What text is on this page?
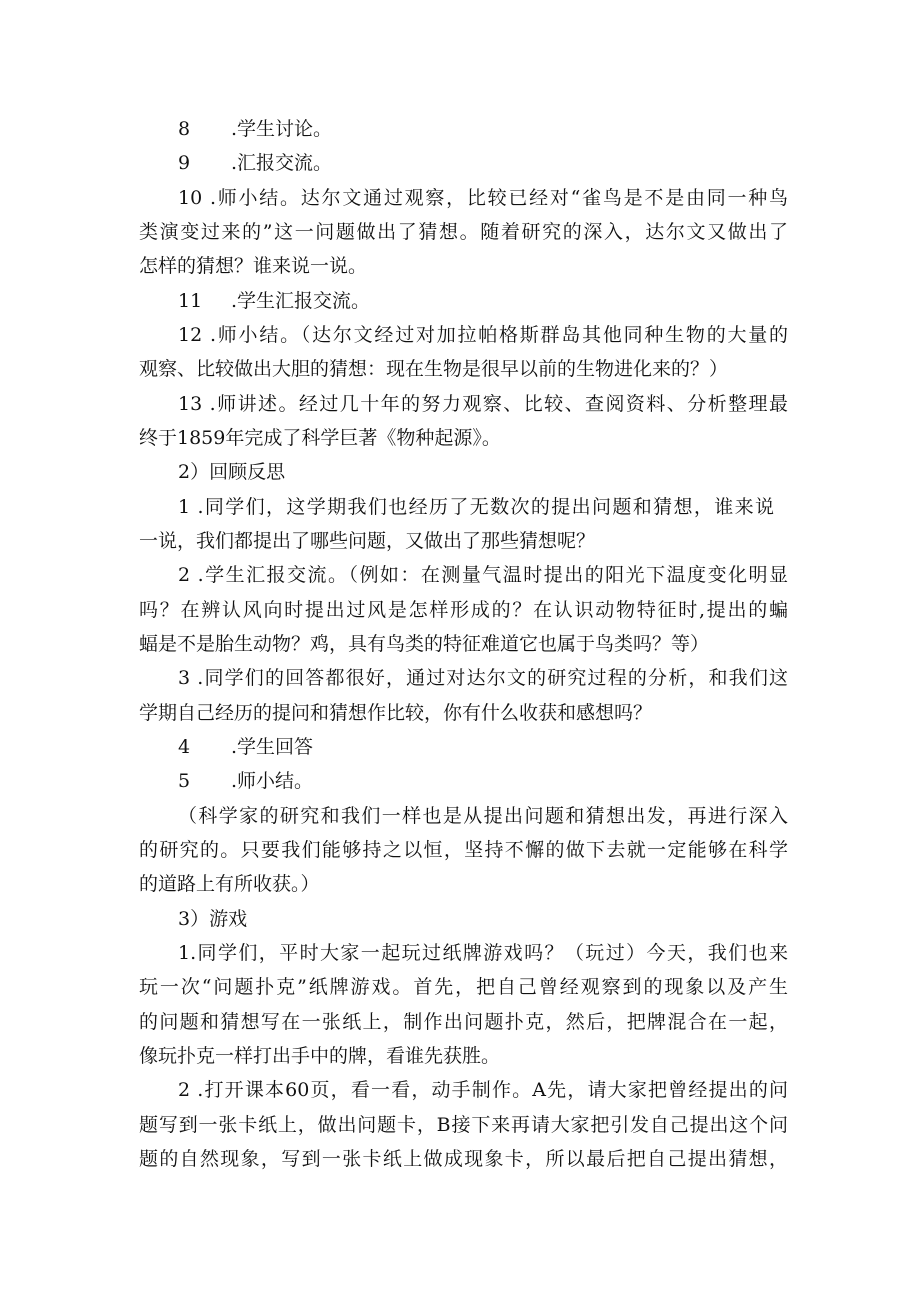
8 .学生讨论。
9 .汇报交流。
10 .师小结。达尔文通过观察，比较已经对“雀鸟是不是由同一种鸟
类演变过来的”这一问题做出了猜想。随着研究的深入，达尔文又做出了
怎样的猜想？谁来说一说。
11 .学生汇报交流。
12 .师小结。（达尔文经过对加拉帕格斯群岛其他同种生物的大量的
观察、比较做出大胆的猜想：现在生物是很早以前的生物进化来的？）
13 .师讲述。经过几十年的努力观察、比较、查阅资料、分析整理最
终于1859年完成了科学巨著《物种起源》。
2）回顾反思
1 .同学们，这学期我们也经历了无数次的提出问题和猜想，谁来说
一说，我们都提出了哪些问题，又做出了那些猜想呢？
2 .学生汇报交流。（例如：在测量气温时提出的阳光下温度变化明显
吗？在辨认风向时提出过风是怎样形成的？在认识动物特征时,提出的蝙
蝠是不是胎生动物？鸡，具有鸟类的特征难道它也属于鸟类吗？等）
3 .同学们的回答都很好，通过对达尔文的研究过程的分析，和我们这
学期自己经历的提问和猜想作比较，你有什么收获和感想吗？
4 .学生回答
5 .师小结。
（科学家的研究和我们一样也是从提出问题和猜想出发，再进行深入
的研究的。只要我们能够持之以恒，坚持不懈的做下去就一定能够在科学
的道路上有所收获。）
3）游戏
1.同学们，平时大家一起玩过纸牌游戏吗？（玩过）今天，我们也来
玩一次“问题扑克”纸牌游戏。首先，把自己曾经观察到的现象以及产生
的问题和猜想写在一张纸上，制作出问题扑克，然后，把牌混合在一起，
像玩扑克一样打出手中的牌，看谁先获胜。
2 .打开课本60页，看一看，动手制作。A先，请大家把曾经提出的问
题写到一张卡纸上，做出问题卡，B接下来再请大家把引发自己提出这个问
题的自然现象，写到一张卡纸上做成现象卡，所以最后把自己提出猜想，
